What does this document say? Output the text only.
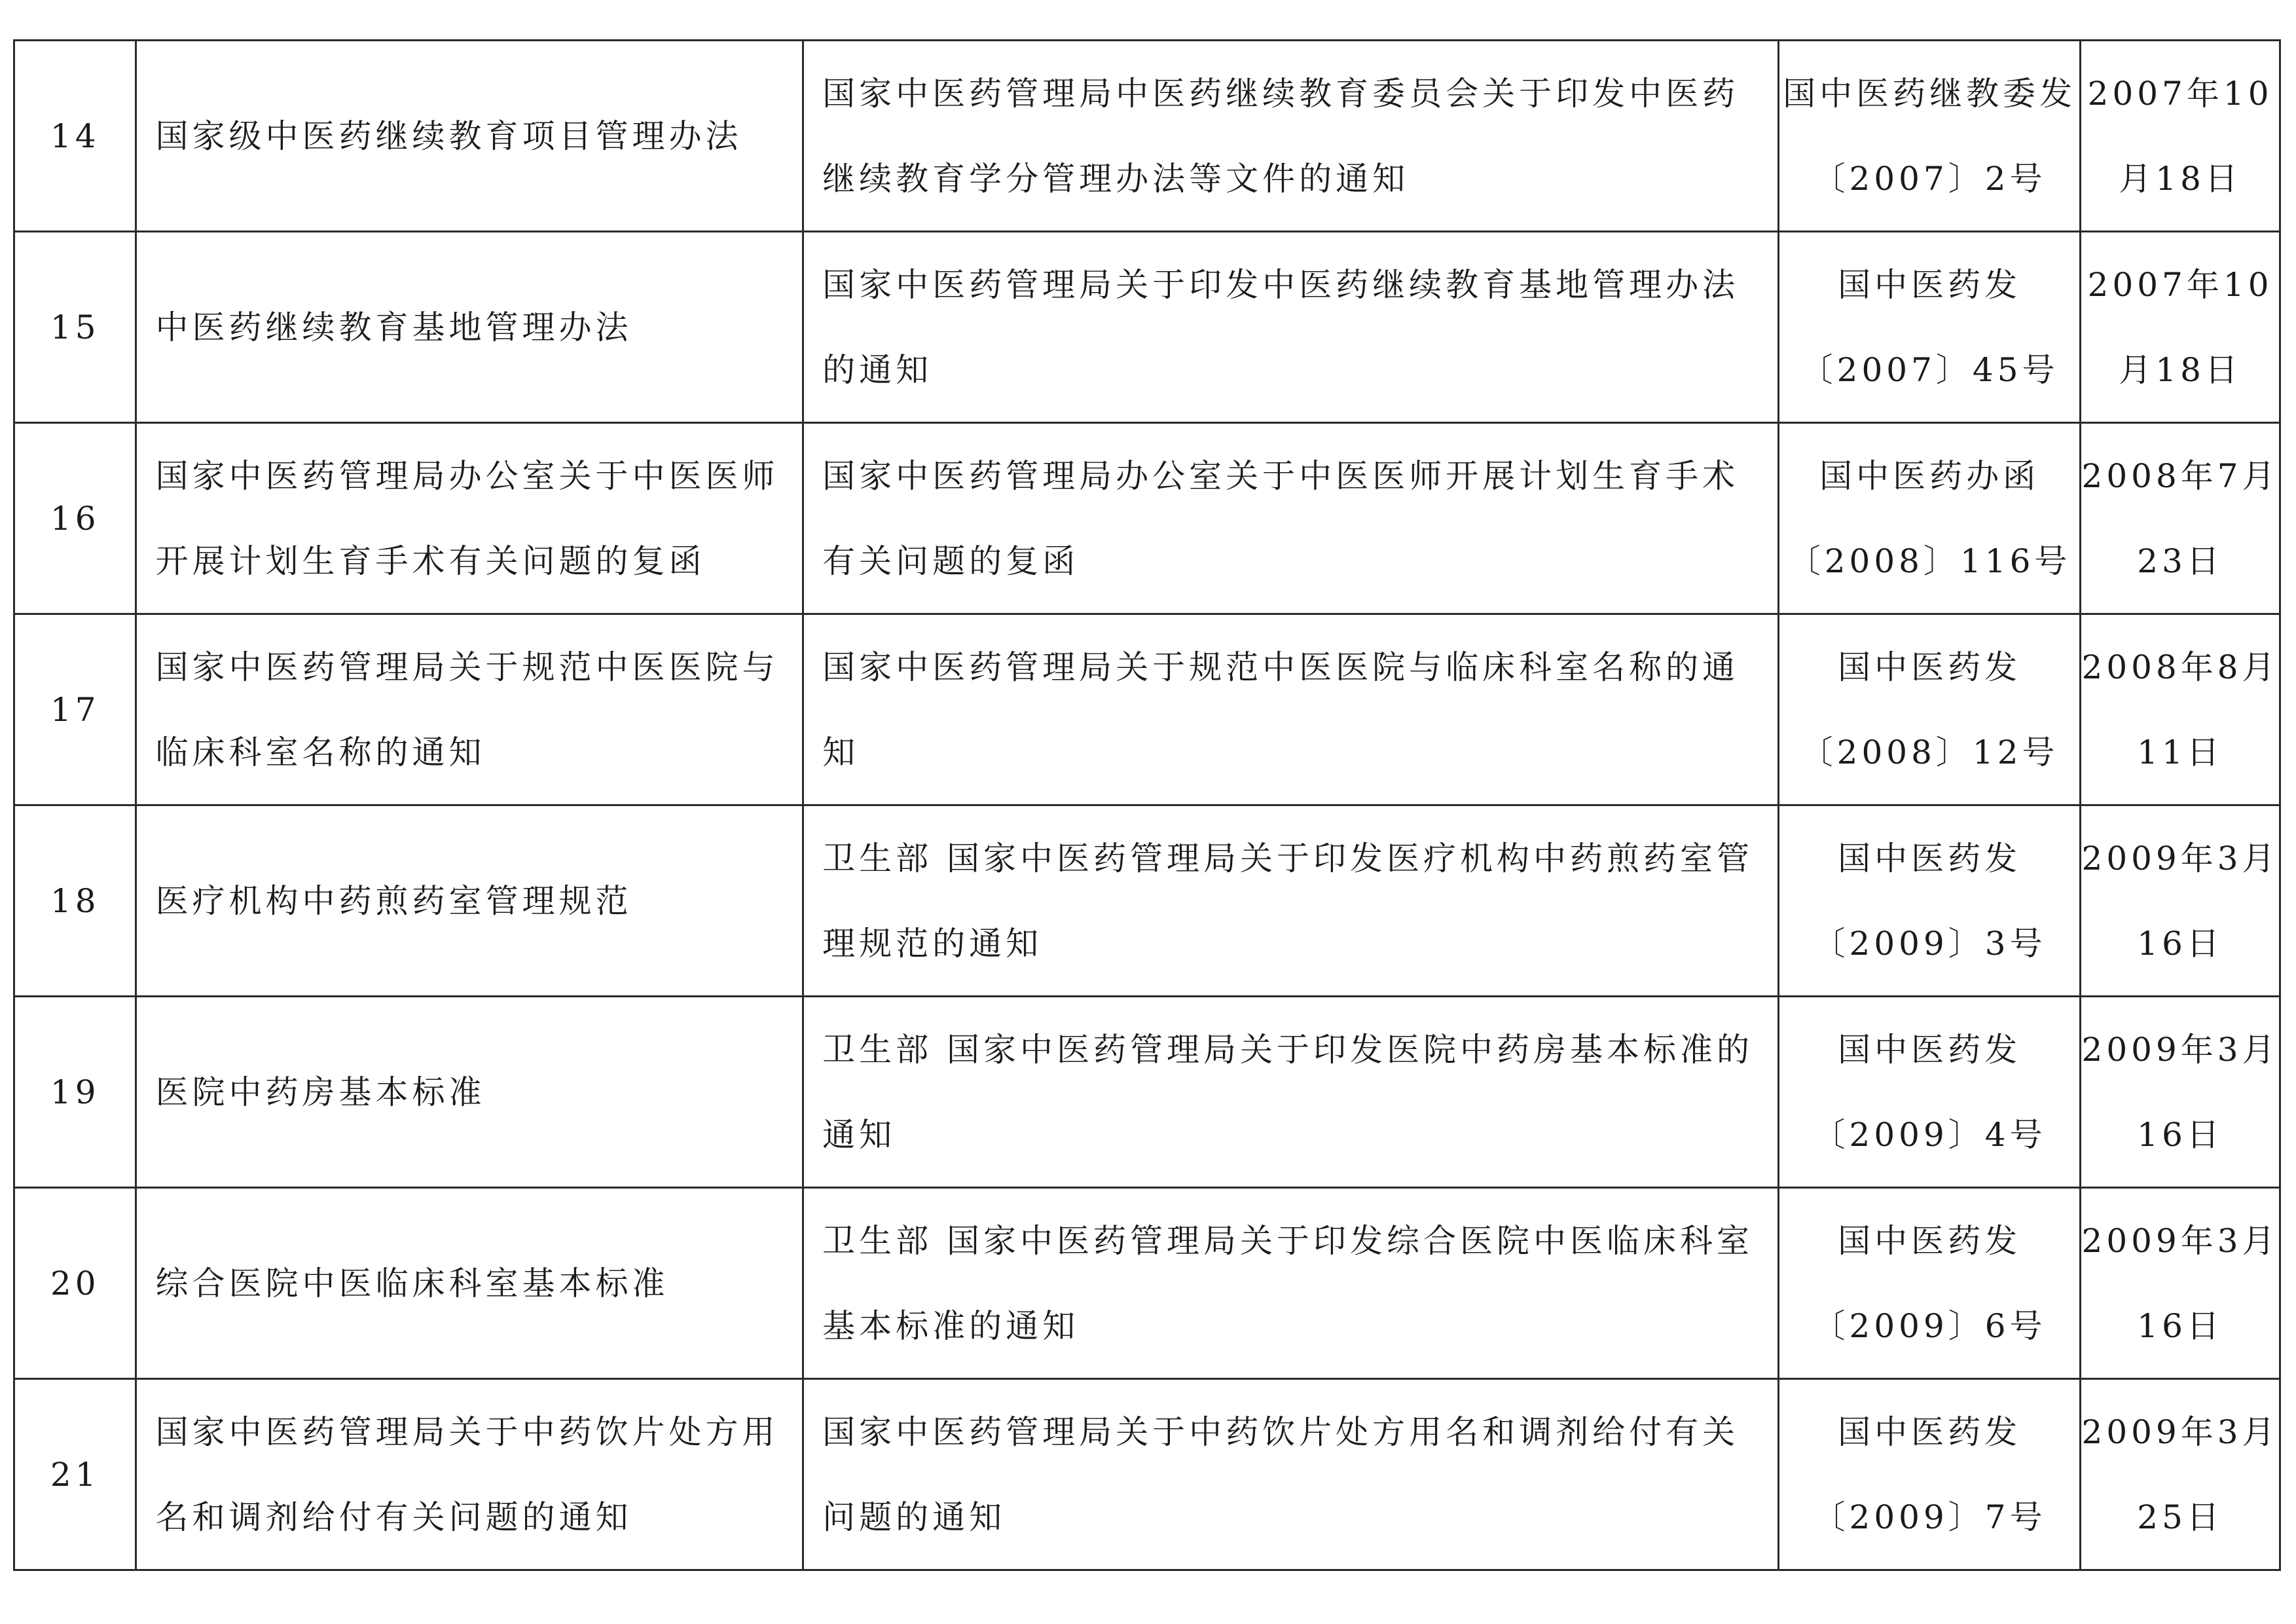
14	国家级中医药继续教育项目管理办法	国家中医药管理局中医药继续教育委员会关于印发中医药继续教育学分管理办法等文件的通知	国中医药继教委发〔2007〕2号	2007年10月18日
15	中医药继续教育基地管理办法	国家中医药管理局关于印发中医药继续教育基地管理办法的通知	国中医药发〔2007〕45号	2007年10月18日
16	国家中医药管理局办公室关于中医医师开展计划生育手术有关问题的复函	国家中医药管理局办公室关于中医医师开展计划生育手术有关问题的复函	国中医药办函〔2008〕116号	2008年7月23日
17	国家中医药管理局关于规范中医医院与临床科室名称的通知	国家中医药管理局关于规范中医医院与临床科室名称的通知	国中医药发〔2008〕12号	2008年8月11日
18	医疗机构中药煎药室管理规范	卫生部 国家中医药管理局关于印发医疗机构中药煎药室管理规范的通知	国中医药发〔2009〕3号	2009年3月16日
19	医院中药房基本标准	卫生部 国家中医药管理局关于印发医院中药房基本标准的通知	国中医药发〔2009〕4号	2009年3月16日
20	综合医院中医临床科室基本标准	卫生部 国家中医药管理局关于印发综合医院中医临床科室基本标准的通知	国中医药发〔2009〕6号	2009年3月16日
21	国家中医药管理局关于中药饮片处方用名和调剂给付有关问题的通知	国家中医药管理局关于中药饮片处方用名和调剂给付有关问题的通知	国中医药发〔2009〕7号	2009年3月25日
